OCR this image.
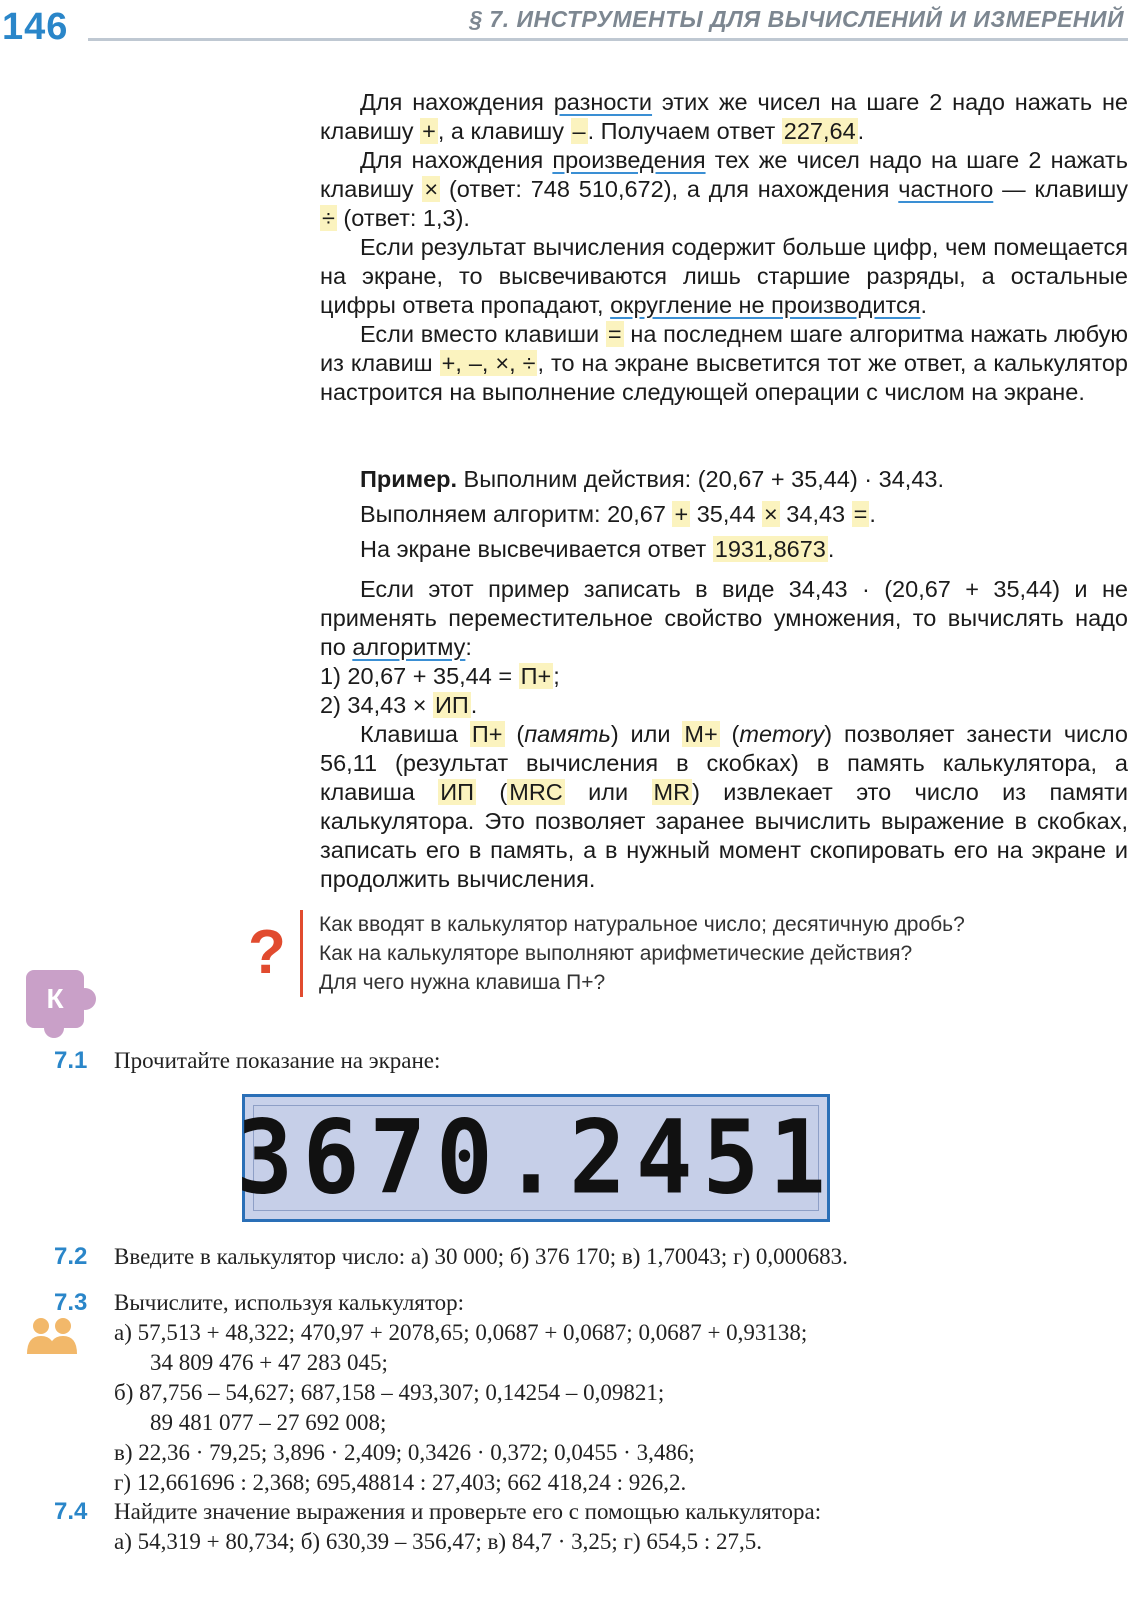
146	§ 7. ИНСТРУМЕНТЫ ДЛЯ ВЫЧИСЛЕНИЙ И ИЗМЕРЕНИЙ

Для нахождения разности этих же чисел на шаге 2 надо нажать не клавишу +, а клавишу –. Получаем ответ 227,64.

Для нахождения произведения тех же чисел надо на шаге 2 нажать клавишу × (ответ: 748 510,672), а для нахождения частного — клавишу ÷ (ответ: 1,3).

Если результат вычисления содержит больше цифр, чем помещается на экране, то высвечиваются лишь старшие разряды, а остальные цифры ответа пропадают, округление не производится.

Если вместо клавиши = на последнем шаге алгоритма нажать любую из клавиш +, –, ×, ÷, то на экране высветится тот же ответ, а калькулятор настроится на выполнение следующей операции с числом на экране.

Пример. Выполним действия: (20,67 + 35,44) · 34,43.
Выполняем алгоритм: 20,67 + 35,44 × 34,43 =.
На экране высвечивается ответ 1931,8673.

Если этот пример записать в виде 34,43 · (20,67 + 35,44) и не применять переместительное свойство умножения, то вычислять надо по алгоритму:

1) 20,67 + 35,44 = П+;

2) 34,43 × ИП.

Клавиша П+ (память) или М+ (memory) позволяет занести число 56,11 (результат вычисления в скобках) в память калькулятора, а клавиша ИП (MRC или MR) извлекает это число из памяти калькулятора. Это позволяет заранее вычислить выражение в скобках, записать его в память, а в нужный момент скопировать его на экране и продолжить вычисления.

? Как вводят в калькулятор натуральное число; десятичную дробь?
Как на калькуляторе выполняют арифметические действия?
Для чего нужна клавиша П+?
К
7.1 Прочитайте показание на экране:
3670.2451
7.2 Введите в калькулятор число: а) 30 000; б) 376 170; в) 1,70043; г) 0,000683.
7.3 Вычислите, используя калькулятор:
а) 57,513 + 48,322; 470,97 + 2078,65; 0,0687 + 0,0687; 0,0687 + 0,93138;
34 809 476 + 47 283 045;
б) 87,756 – 54,627; 687,158 – 493,307; 0,14254 – 0,09821;
89 481 077 – 27 692 008;
в) 22,36 · 79,25; 3,896 · 2,409; 0,3426 · 0,372; 0,0455 · 3,486;
г) 12,661696 : 2,368; 695,48814 : 27,403; 662 418,24 : 926,2.
7.4 Найдите значение выражения и проверьте его с помощью калькулятора:
а) 54,319 + 80,734; б) 630,39 – 356,47; в) 84,7 · 3,25; г) 654,5 : 27,5.
